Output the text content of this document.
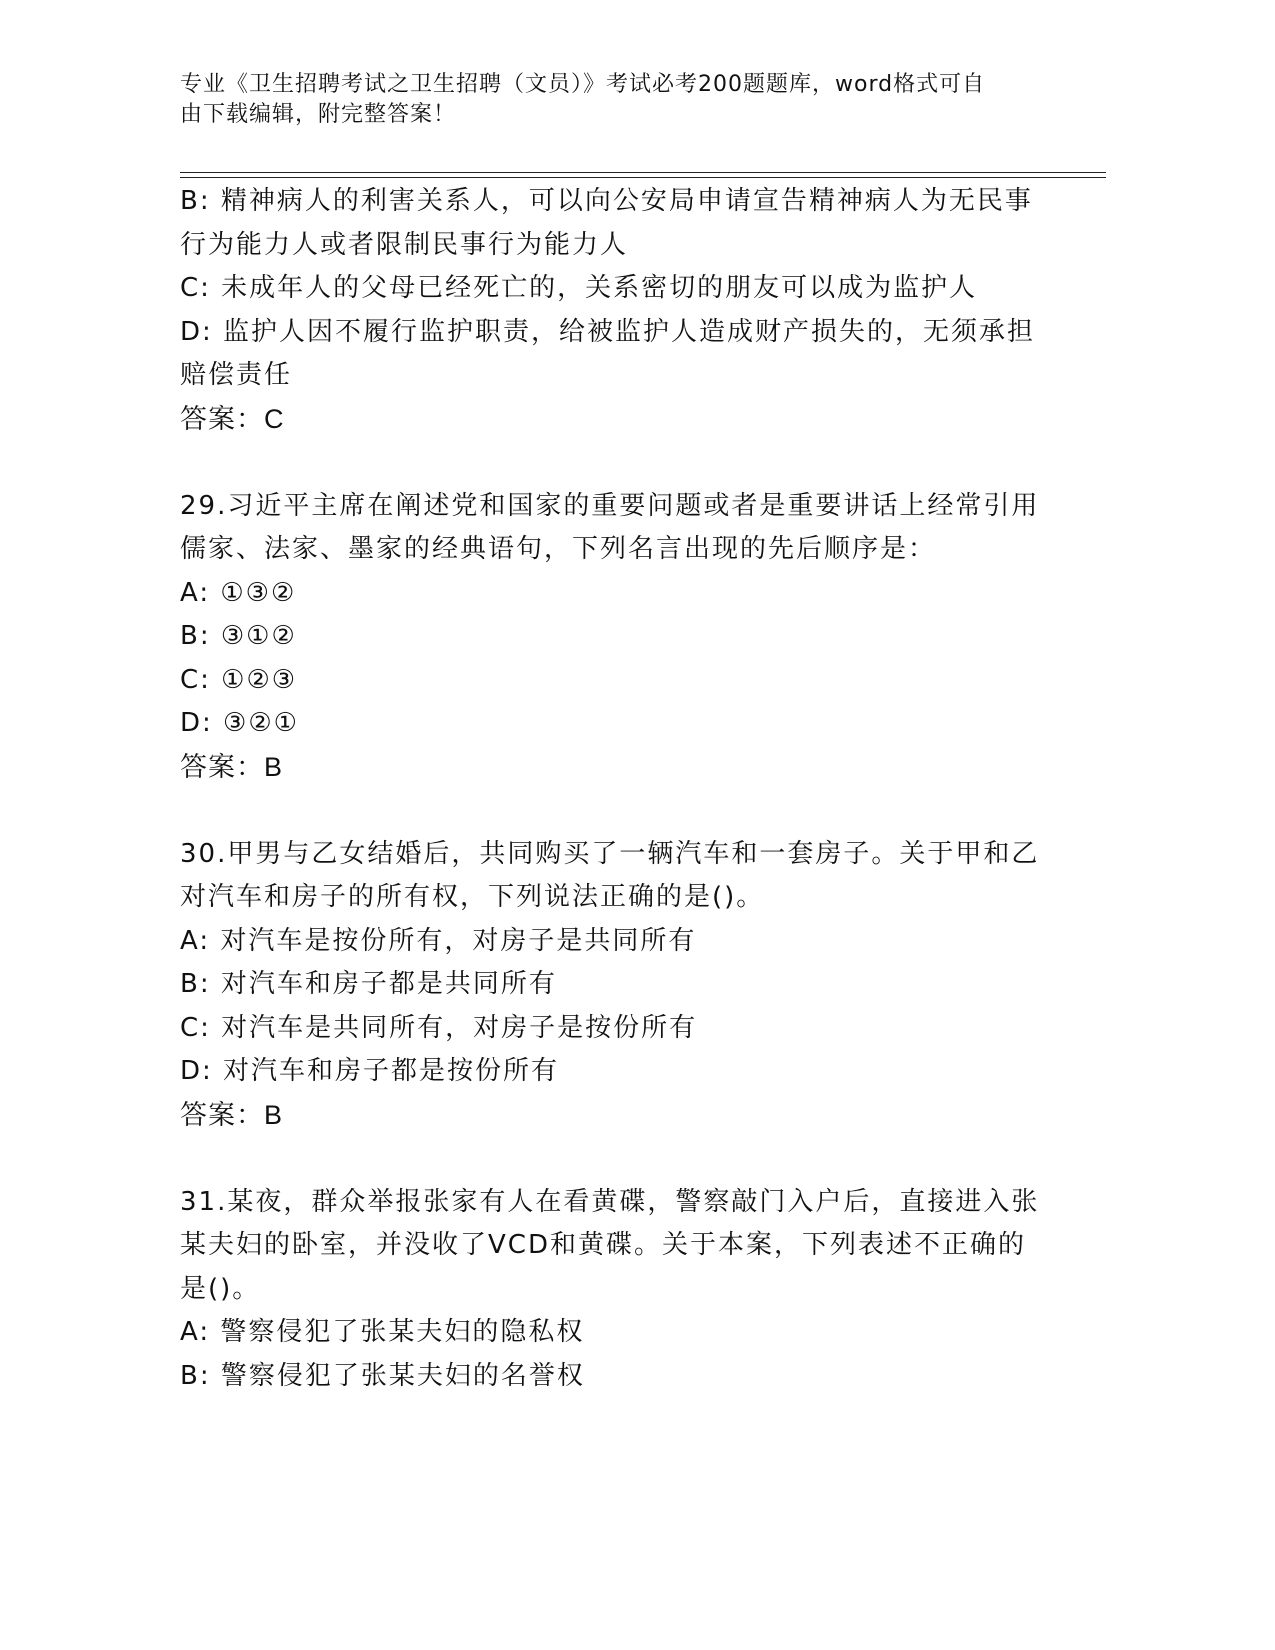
专业《卫生招聘考试之卫生招聘（文员）》考试必考200题题库，word格式可自
由下载编辑，附完整答案！
B: 精神病人的利害关系人，可以向公安局申请宣告精神病人为无民事
行为能力人或者限制民事行为能力人
C: 未成年人的父母已经死亡的，关系密切的朋友可以成为监护人
D: 监护人因不履行监护职责，给被监护人造成财产损失的，无须承担
赔偿责任
答案：C
29.习近平主席在阐述党和国家的重要问题或者是重要讲话上经常引用
儒家、法家、墨家的经典语句，下列名言出现的先后顺序是：
A: ①③②
B: ③①②
C: ①②③
D: ③②①
答案：B
30.甲男与乙女结婚后，共同购买了一辆汽车和一套房子。关于甲和乙
对汽车和房子的所有权，下列说法正确的是()。
A: 对汽车是按份所有，对房子是共同所有
B: 对汽车和房子都是共同所有
C: 对汽车是共同所有，对房子是按份所有
D: 对汽车和房子都是按份所有
答案：B
31.某夜，群众举报张家有人在看黄碟，警察敲门入户后，直接进入张
某夫妇的卧室，并没收了VCD和黄碟。关于本案，下列表述不正确的
是()。
A: 警察侵犯了张某夫妇的隐私权
B: 警察侵犯了张某夫妇的名誉权
